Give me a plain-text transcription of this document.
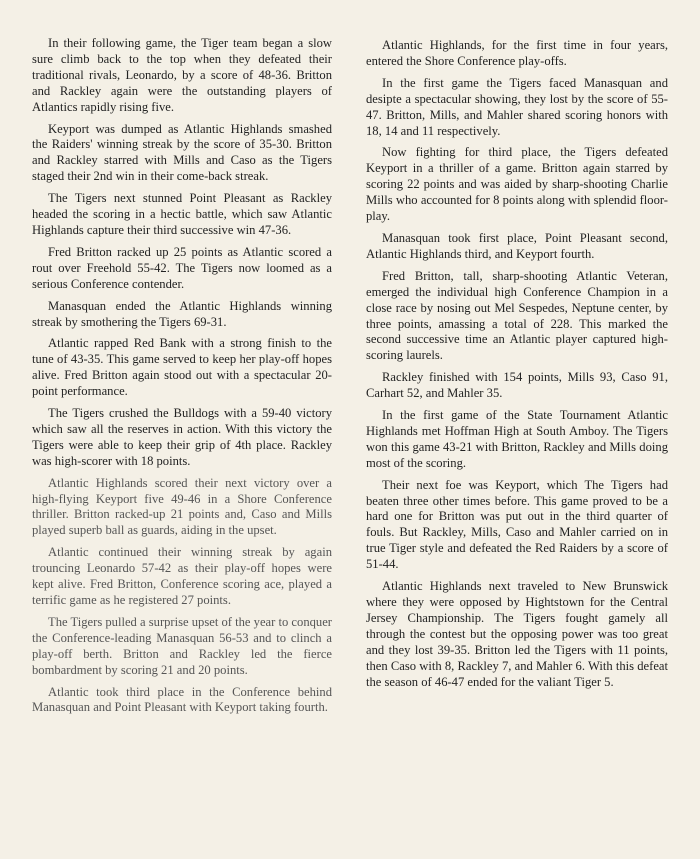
In their following game, the Tiger team began a slow sure climb back to the top when they defeated their traditional rivals, Leonardo, by a score of 48-36. Britton and Rackley again were the outstanding players of Atlantics rapidly rising five.

Keyport was dumped as Atlantic Highlands smashed the Raiders' winning streak by the score of 35-30. Britton and Rackley starred with Mills and Caso as the Tigers staged their 2nd win in their come-back streak.

The Tigers next stunned Point Pleasant as Rackley headed the scoring in a hectic battle, which saw Atlantic Highlands capture their third successive win 47-36.

Fred Britton racked up 25 points as Atlantic scored a rout over Freehold 55-42. The Tigers now loomed as a serious Conference contender.

Manasquan ended the Atlantic Highlands winning streak by smothering the Tigers 69-31.

Atlantic rapped Red Bank with a strong finish to the tune of 43-35. This game served to keep her play-off hopes alive. Fred Britton again stood out with a spectacular 20-point performance.

The Tigers crushed the Bulldogs with a 59-40 victory which saw all the reserves in action. With this victory the Tigers were able to keep their grip of 4th place. Rackley was high-scorer with 18 points.

Atlantic Highlands scored their next victory over a high-flying Keyport five 49-46 in a Shore Conference thriller. Britton racked-up 21 points and, Caso and Mills played superb ball as guards, aiding in the upset.

Atlantic continued their winning streak by again trouncing Leonardo 57-42 as their play-off hopes were kept alive. Fred Britton, Conference scoring ace, played a terrific game as he registered 27 points.

The Tigers pulled a surprise upset of the year to conquer the Conference-leading Manasquan 56-53 and to clinch a play-off berth. Britton and Rackley led the fierce bombardment by scoring 21 and 20 points.

Atlantic took third place in the Conference behind Manasquan and Point Pleasant with Keyport taking fourth.

Atlantic Highlands, for the first time in four years, entered the Shore Conference play-offs.

In the first game the Tigers faced Manasquan and desipte a spectacular showing, they lost by the score of 55-47. Britton, Mills, and Mahler shared scoring honors with 18, 14 and 11 respectively.

Now fighting for third place, the Tigers defeated Keyport in a thriller of a game. Britton again starred by scoring 22 points and was aided by sharp-shooting Charlie Mills who accounted for 8 points along with splendid floor-play.

Manasquan took first place, Point Pleasant second, Atlantic Highlands third, and Keyport fourth.

Fred Britton, tall, sharp-shooting Atlantic Veteran, emerged the individual high Conference Champion in a close race by nosing out Mel Sespedes, Neptune center, by three points, amassing a total of 228. This marked the second successive time an Atlantic player captured high-scoring laurels.

Rackley finished with 154 points, Mills 93, Caso 91, Carhart 52, and Mahler 35.

In the first game of the State Tournament Atlantic Highlands met Hoffman High at South Amboy. The Tigers won this game 43-21 with Britton, Rackley and Mills doing most of the scoring.

Their next foe was Keyport, which The Tigers had beaten three other times before. This game proved to be a hard one for Britton was put out in the third quarter of fouls. But Rackley, Mills, Caso and Mahler carried on in true Tiger style and defeated the Red Raiders by a score of 51-44.

Atlantic Highlands next traveled to New Brunswick where they were opposed by Hightstown for the Central Jersey Championship. The Tigers fought gamely all through the contest but the opposing power was too great and they lost 39-35. Britton led the Tigers with 11 points, then Caso with 8, Rackley 7, and Mahler 6. With this defeat the season of 46-47 ended for the valiant Tiger 5.
